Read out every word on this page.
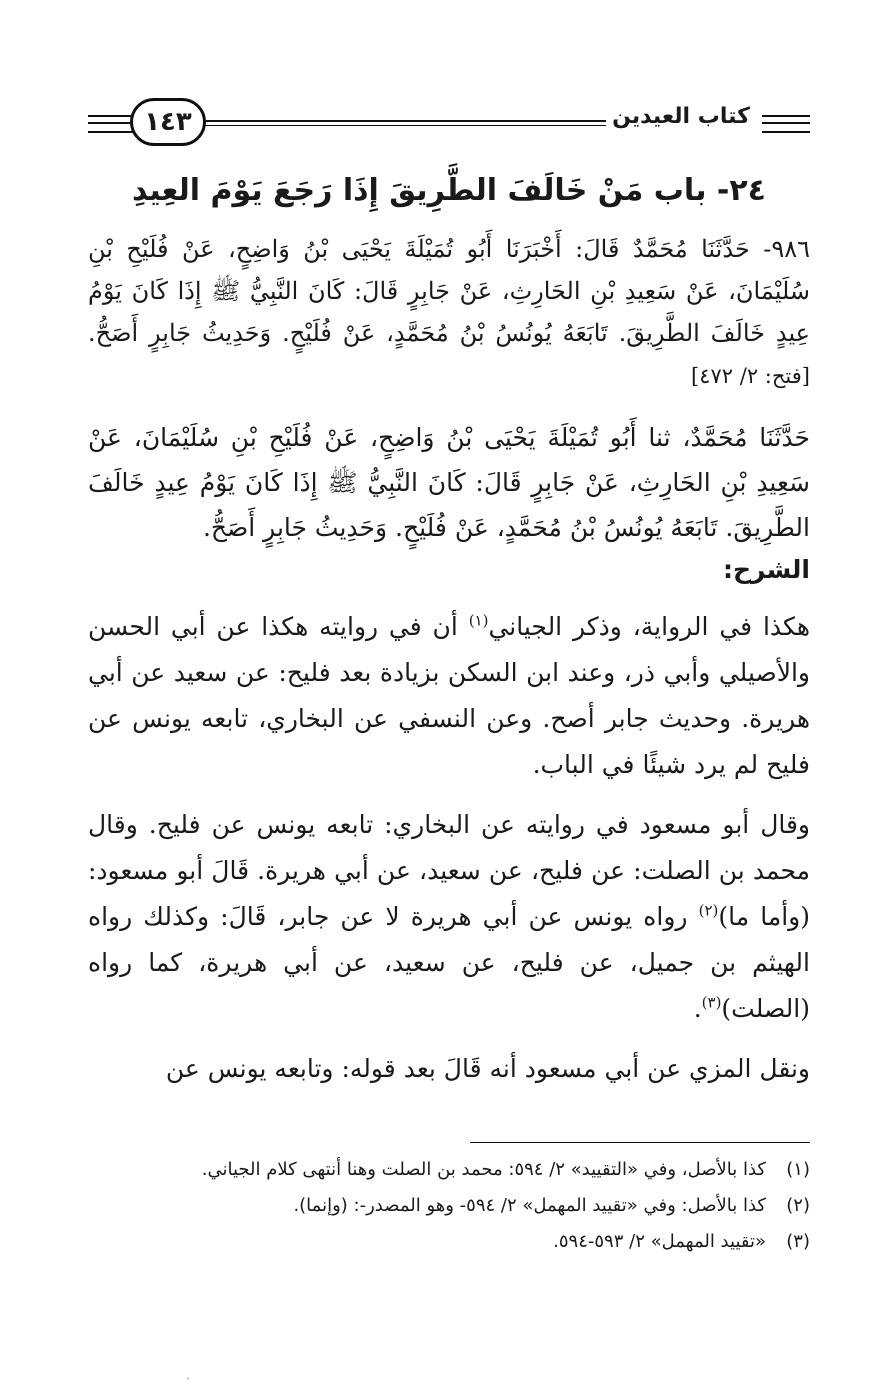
١٤٣	كتاب العيدين
٢٤- باب مَنْ خَالَفَ الطَّرِيقَ إِذَا رَجَعَ يَوْمَ العِيدِ

٩٨٦- حَدَّثَنَا مُحَمَّدٌ قَالَ: أَخْبَرَنَا أَبُو تُمَيْلَةَ يَحْيَى بْنُ وَاضِحٍ، عَنْ فُلَيْحِ بْنِ سُلَيْمَانَ، عَنْ سَعِيدِ بْنِ الحَارِثِ، عَنْ جَابِرٍ قَالَ: كَانَ النَّبِيُّ ﷺ إِذَا كَانَ يَوْمُ عِيدٍ خَالَفَ الطَّرِيقَ. تَابَعَهُ يُونُسُ بْنُ مُحَمَّدٍ، عَنْ فُلَيْحٍ. وَحَدِيثُ جَابِرٍ أَصَحُّ. [فتح: ٢/ ٤٧٢]

حَدَّثَنَا مُحَمَّدٌ، ثنا أَبُو تُمَيْلَةَ يَحْيَى بْنُ وَاضِحٍ، عَنْ فُلَيْحِ بْنِ سُلَيْمَانَ، عَنْ سَعِيدِ بْنِ الحَارِثِ، عَنْ جَابِرٍ قَالَ: كَانَ النَّبِيُّ ﷺ إِذَا كَانَ يَوْمُ عِيدٍ خَالَفَ الطَّرِيقَ. تَابَعَهُ يُونُسُ بْنُ مُحَمَّدٍ، عَنْ فُلَيْحٍ. وَحَدِيثُ جَابِرٍ أَصَحُّ.

الشرح:

هكذا في الرواية، وذكر الجياني$^{(١)}$ أن في روايته هكذا عن أبي الحسن والأصيلي وأبي ذر، وعند ابن السكن بزيادة بعد فليح: عن سعيد عن أبي هريرة. وحديث جابر أصح. وعن النسفي عن البخاري، تابعه يونس عن فليح لم يرد شيئًا في الباب.

وقال أبو مسعود في روايته عن البخاري: تابعه يونس عن فليح. وقال محمد بن الصلت: عن فليح، عن سعيد، عن أبي هريرة. قَالَ أبو مسعود: (وأما ما)$^{(٢)}$ رواه يونس عن أبي هريرة لا عن جابر، قَالَ: وكذلك رواه الهيثم بن جميل، عن فليح، عن سعيد، عن أبي هريرة، كما رواه (الصلت)$^{(٣)}$.

ونقل المزي عن أبي مسعود أنه قَالَ بعد قوله: وتابعه يونس عن

(١)
كذا بالأصل، وفي «التقييد» ٢/ ٥٩٤: محمد بن الصلت وهنا أنتهى كلام الجياني.
(٢)
كذا بالأصل: وفي «تقييد المهمل» ٢/ ٥٩٤- وهو المصدر-: (وإنما).
(٣)
«تقييد المهمل» ٢/ ٥٩٣-٥٩٤.
ˏ
